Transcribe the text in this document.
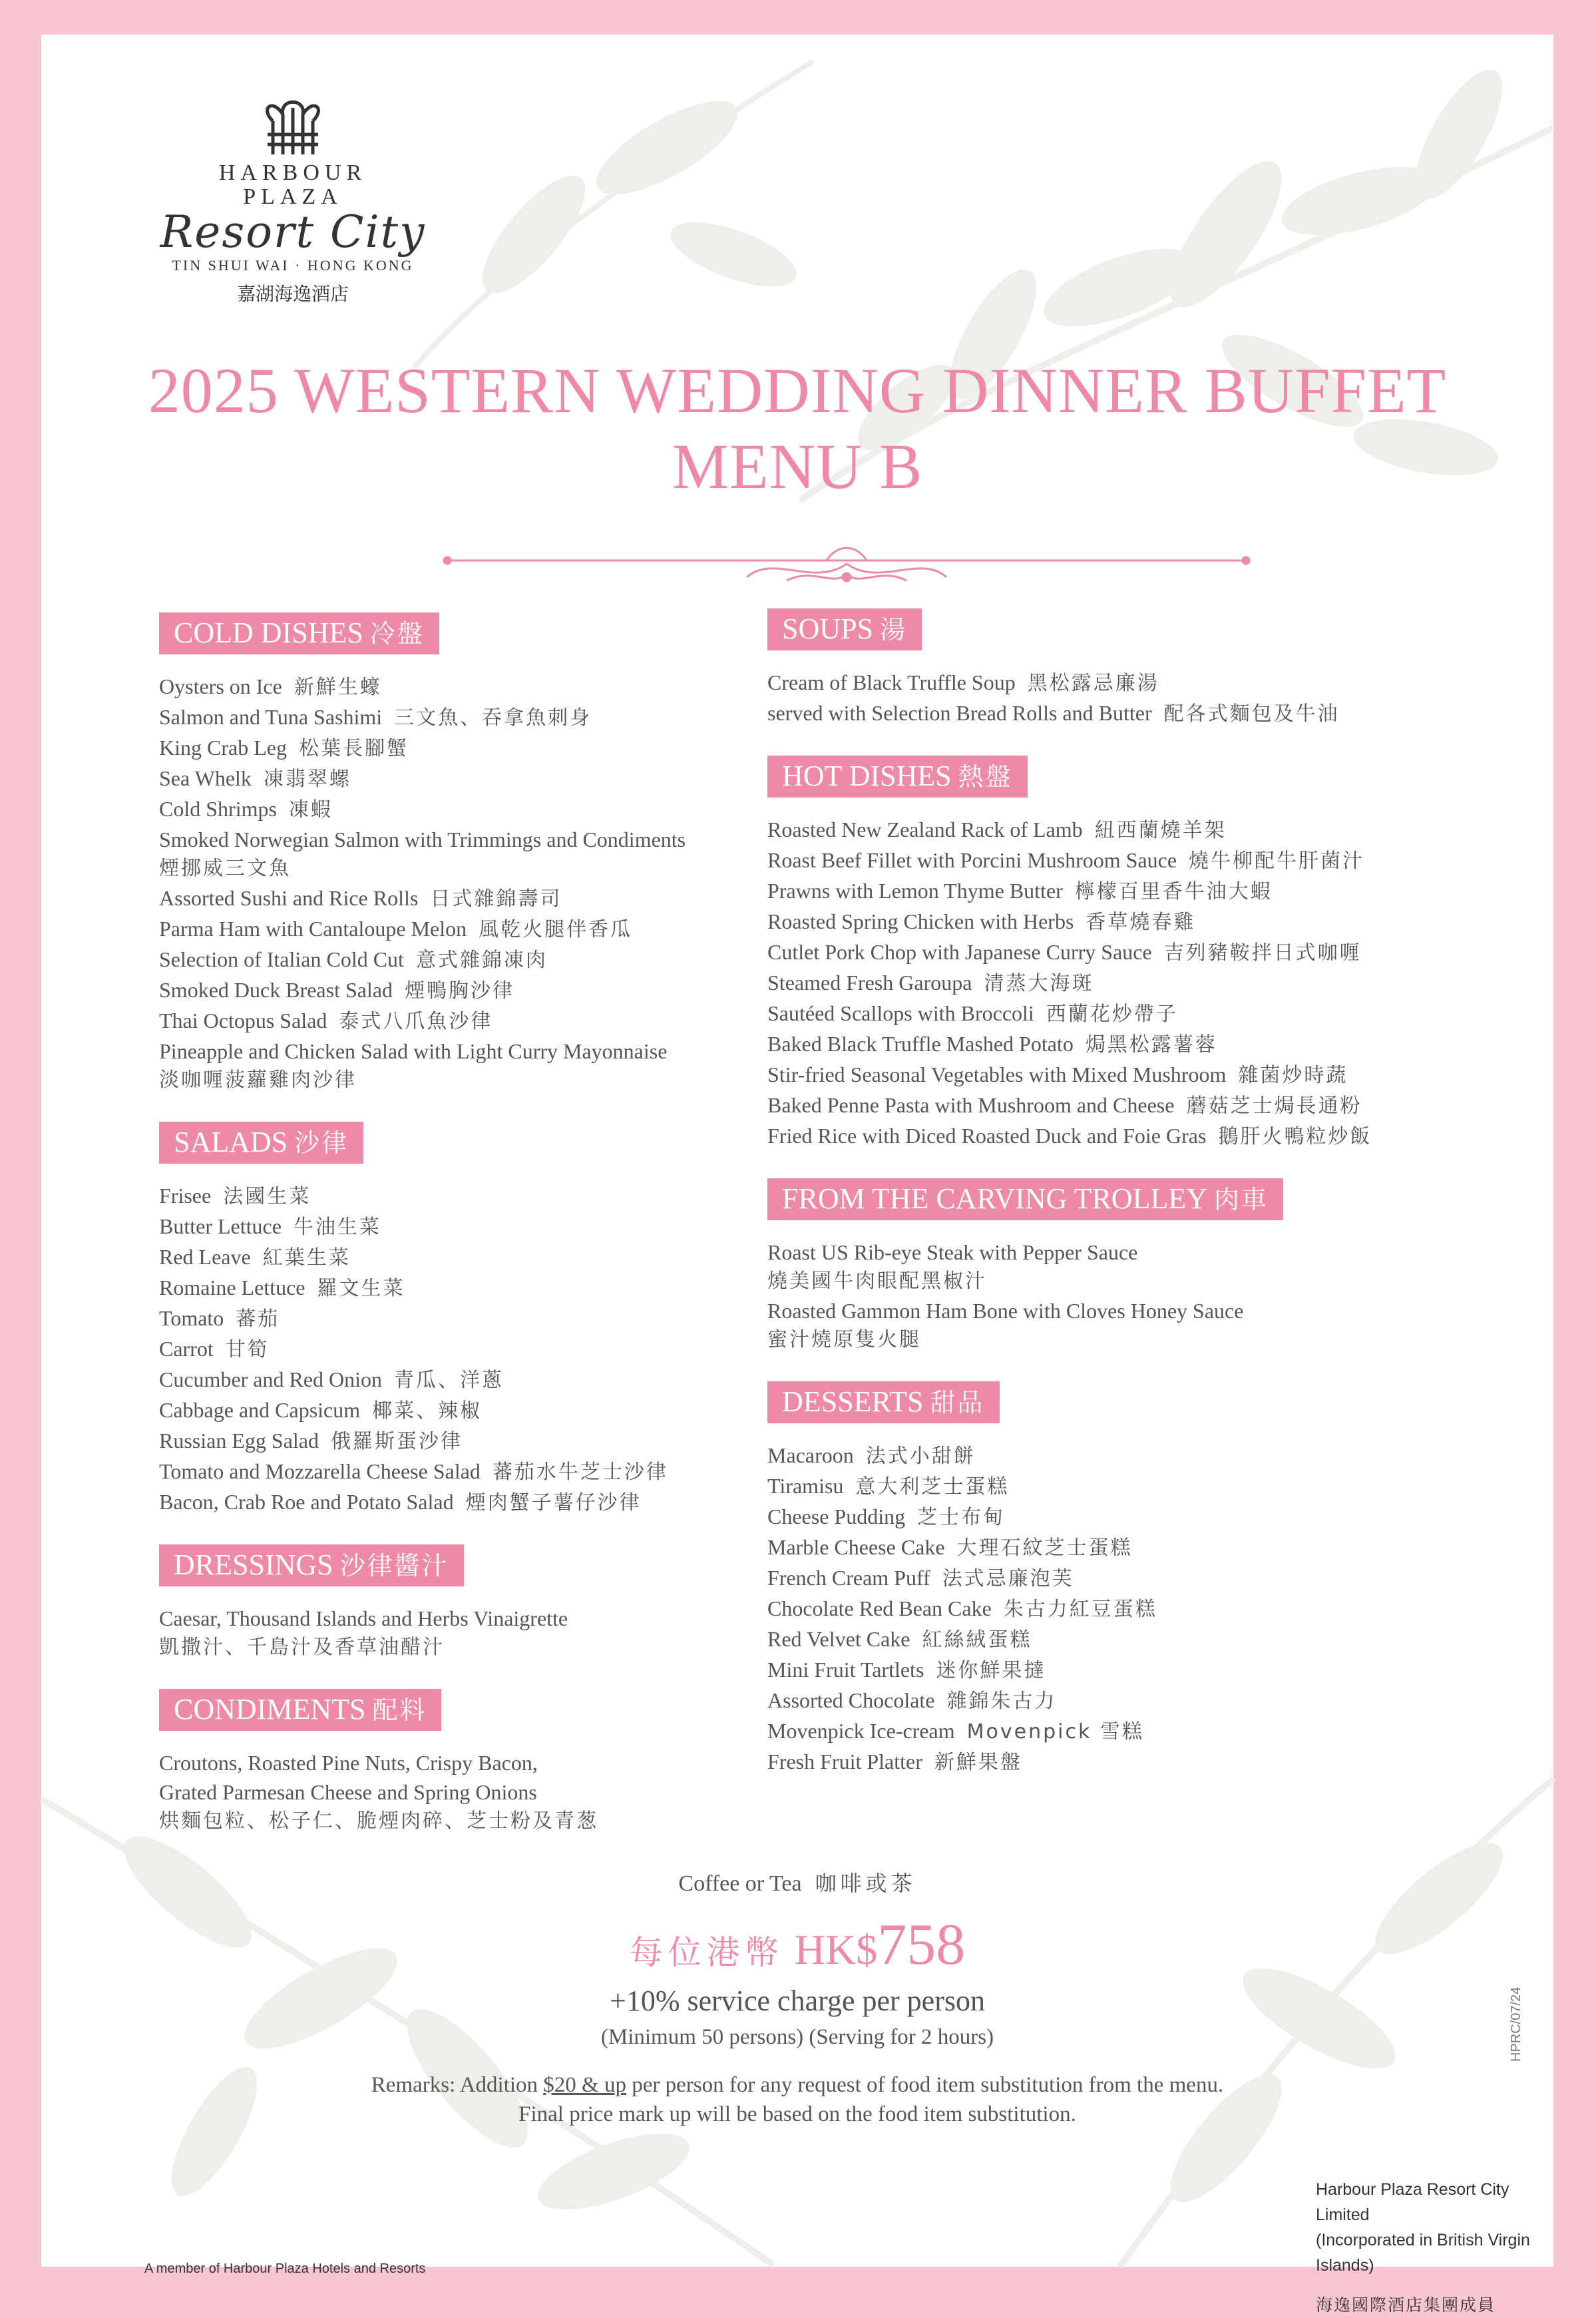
HARBOUR
PLAZA
Resort City
TIN SHUI WAI · HONG KONG
嘉湖海逸酒店
2025 WESTERN WEDDING DINNER BUFFET
MENU B
COLD DISHES 冷盤
Oysters on Ice 新鮮生蠔
Salmon and Tuna Sashimi 三文魚、吞拿魚刺身
King Crab Leg 松葉長腳蟹
Sea Whelk 凍翡翠螺
Cold Shrimps 凍蝦
Smoked Norwegian Salmon with Trimmings and Condiments
煙挪威三文魚
Assorted Sushi and Rice Rolls 日式雜錦壽司
Parma Ham with Cantaloupe Melon 風乾火腿伴香瓜
Selection of Italian Cold Cut 意式雜錦凍肉
Smoked Duck Breast Salad 煙鴨胸沙律
Thai Octopus Salad 泰式八爪魚沙律
Pineapple and Chicken Salad with Light Curry Mayonnaise
淡咖喱菠蘿雞肉沙律
SALADS 沙律
Frisee 法國生菜
Butter Lettuce 牛油生菜
Red Leave 紅葉生菜
Romaine Lettuce 羅文生菜
Tomato 蕃茄
Carrot 甘筍
Cucumber and Red Onion 青瓜、洋蔥
Cabbage and Capsicum 椰菜、辣椒
Russian Egg Salad 俄羅斯蛋沙律
Tomato and Mozzarella Cheese Salad 蕃茄水牛芝士沙律
Bacon, Crab Roe and Potato Salad 煙肉蟹子薯仔沙律
DRESSINGS 沙律醬汁
Caesar, Thousand Islands and Herbs Vinaigrette
凱撒汁、千島汁及香草油醋汁
CONDIMENTS 配料
Croutons, Roasted Pine Nuts, Crispy Bacon,
Grated Parmesan Cheese and Spring Onions
烘麵包粒、松子仁、脆煙肉碎、芝士粉及青葱
SOUPS 湯
Cream of Black Truffle Soup 黑松露忌廉湯
served with Selection Bread Rolls and Butter 配各式麵包及牛油
HOT DISHES 熱盤
Roasted New Zealand Rack of Lamb 紐西蘭燒羊架
Roast Beef Fillet with Porcini Mushroom Sauce 燒牛柳配牛肝菌汁
Prawns with Lemon Thyme Butter 檸檬百里香牛油大蝦
Roasted Spring Chicken with Herbs 香草燒春雞
Cutlet Pork Chop with Japanese Curry Sauce 吉列豬鞍拌日式咖喱
Steamed Fresh Garoupa 清蒸大海斑
Sautéed Scallops with Broccoli 西蘭花炒帶子
Baked Black Truffle Mashed Potato 焗黑松露薯蓉
Stir-fried Seasonal Vegetables with Mixed Mushroom 雜菌炒時蔬
Baked Penne Pasta with Mushroom and Cheese 蘑菇芝士焗長通粉
Fried Rice with Diced Roasted Duck and Foie Gras 鵝肝火鴨粒炒飯
FROM THE CARVING TROLLEY 肉車
Roast US Rib-eye Steak with Pepper Sauce
燒美國牛肉眼配黑椒汁
Roasted Gammon Ham Bone with Cloves Honey Sauce
蜜汁燒原隻火腿
DESSERTS 甜品
Macaroon 法式小甜餅
Tiramisu 意大利芝士蛋糕
Cheese Pudding 芝士布甸
Marble Cheese Cake 大理石紋芝士蛋糕
French Cream Puff 法式忌廉泡芙
Chocolate Red Bean Cake 朱古力紅豆蛋糕
Red Velvet Cake 紅絲絨蛋糕
Mini Fruit Tartlets 迷你鮮果撻
Assorted Chocolate 雜錦朱古力
Movenpick Ice-cream Movenpick 雪糕
Fresh Fruit Platter 新鮮果盤
Coffee or Tea 咖啡或茶
每位港幣 HK$758
+10% service charge per person
(Minimum 50 persons) (Serving for 2 hours)
Remarks: Addition $20 & up per person for any request of food item substitution from the menu.
Final price mark up will be based on the food item substitution.
HPRC/07/24
A member of Harbour Plaza Hotels and Resorts
Harbour Plaza Resort City Limited
(Incorporated in British Virgin Islands)
海逸國際酒店集團成員
